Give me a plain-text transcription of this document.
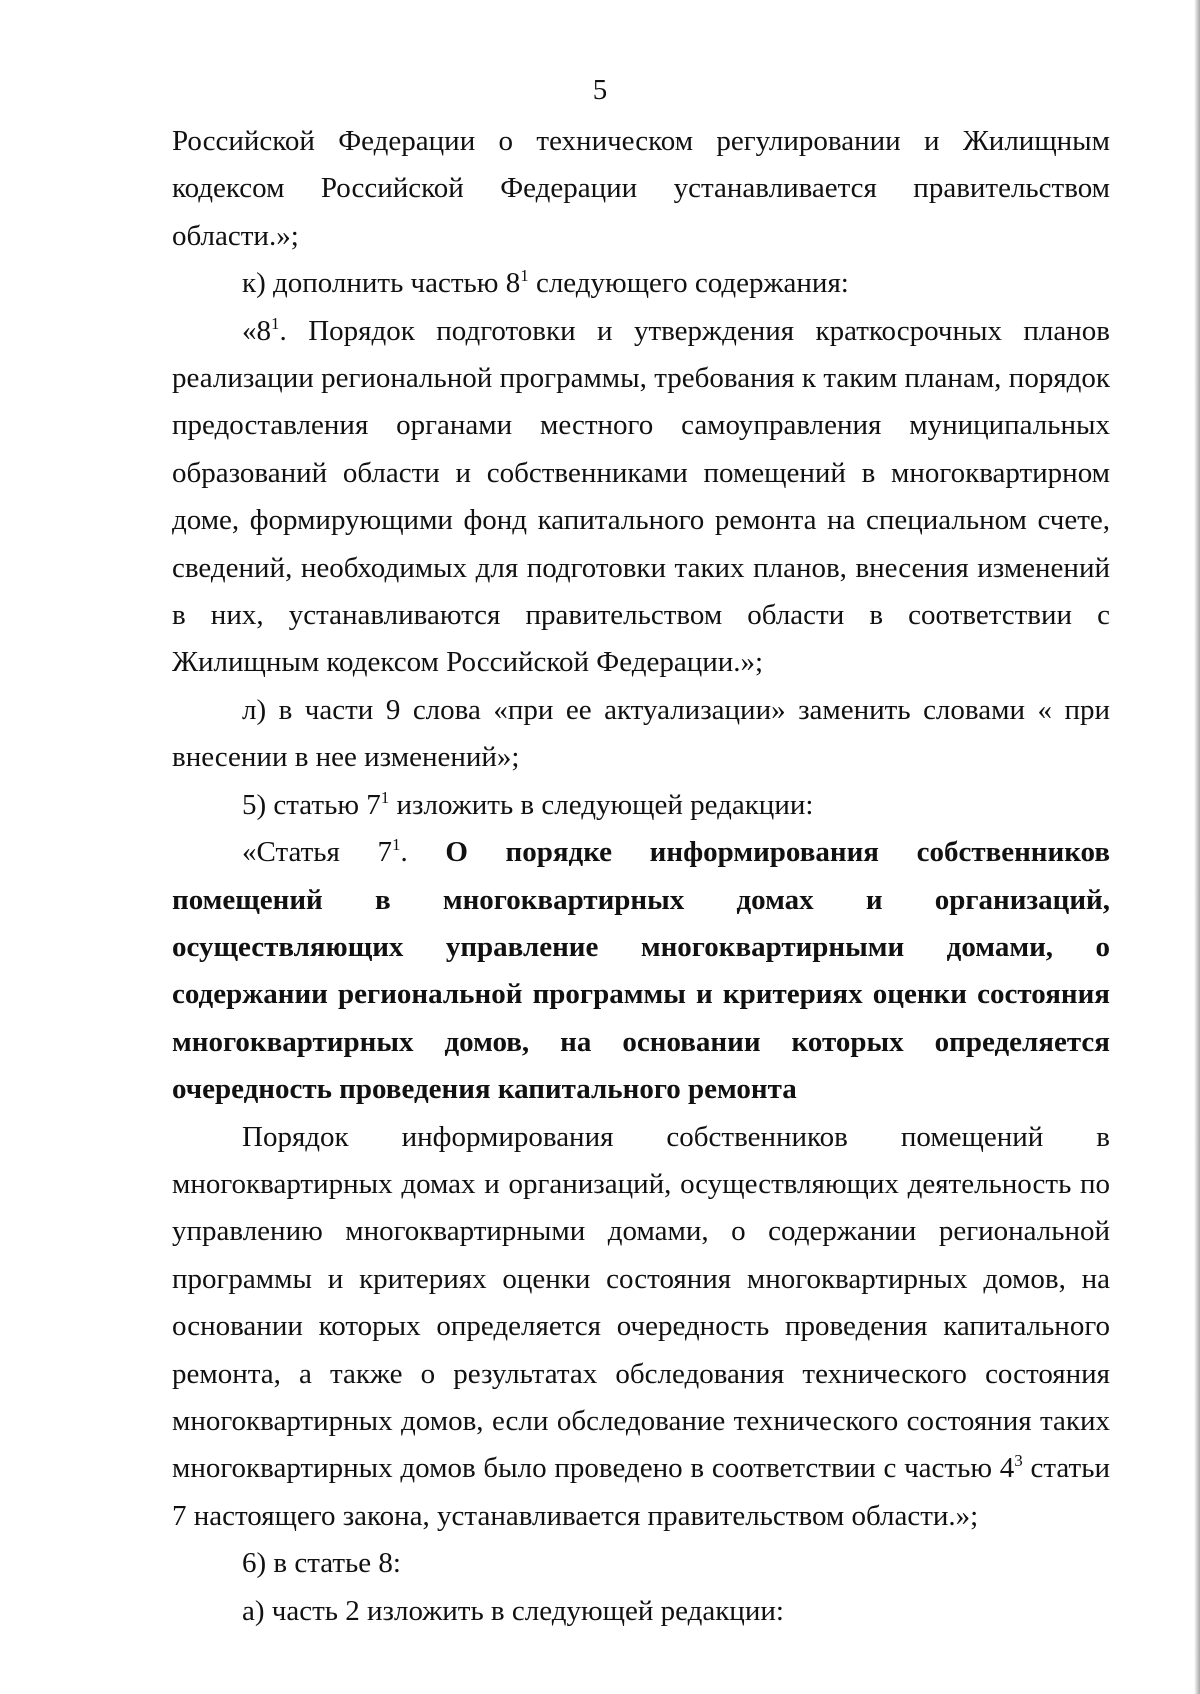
5

Российской Федерации о техническом регулировании и Жилищным кодексом Российской Федерации устанавливается правительством области.»;

к) дополнить частью $8^1$ следующего содержания:

«$8^1$. Порядок подготовки и утверждения краткосрочных планов реализации региональной программы, требования к таким планам, порядок предоставления органами местного самоуправления муниципальных образований области и собственниками помещений в многоквартирном доме, формирующими фонд капитального ремонта на специальном счете, сведений, необходимых для подготовки таких планов, внесения изменений в них, устанавливаются правительством области в соответствии с Жилищным кодексом Российской Федерации.»;

л) в части 9 слова «при ее актуализации» заменить словами « при внесении в нее изменений»;

5) статью $7^1$ изложить в следующей редакции:

«Статья $7^1$. О порядке информирования собственников помещений в многоквартирных домах и организаций, осуществляющих управление многоквартирными домами, о содержании региональной программы и критериях оценки состояния многоквартирных домов, на основании которых определяется очередность проведения капитального ремонта

Порядок информирования собственников помещений в многоквартирных домах и организаций, осуществляющих деятельность по управлению многоквартирными домами, о содержании региональной программы и критериях оценки состояния многоквартирных домов, на основании которых определяется очередность проведения капитального ремонта, а также о результатах обследования технического состояния многоквартирных домов, если обследование технического состояния таких многоквартирных домов было проведено в соответствии с частью $4^3$ статьи 7 настоящего закона, устанавливается правительством области.»;

6) в статье 8:

а) часть 2 изложить в следующей редакции:
